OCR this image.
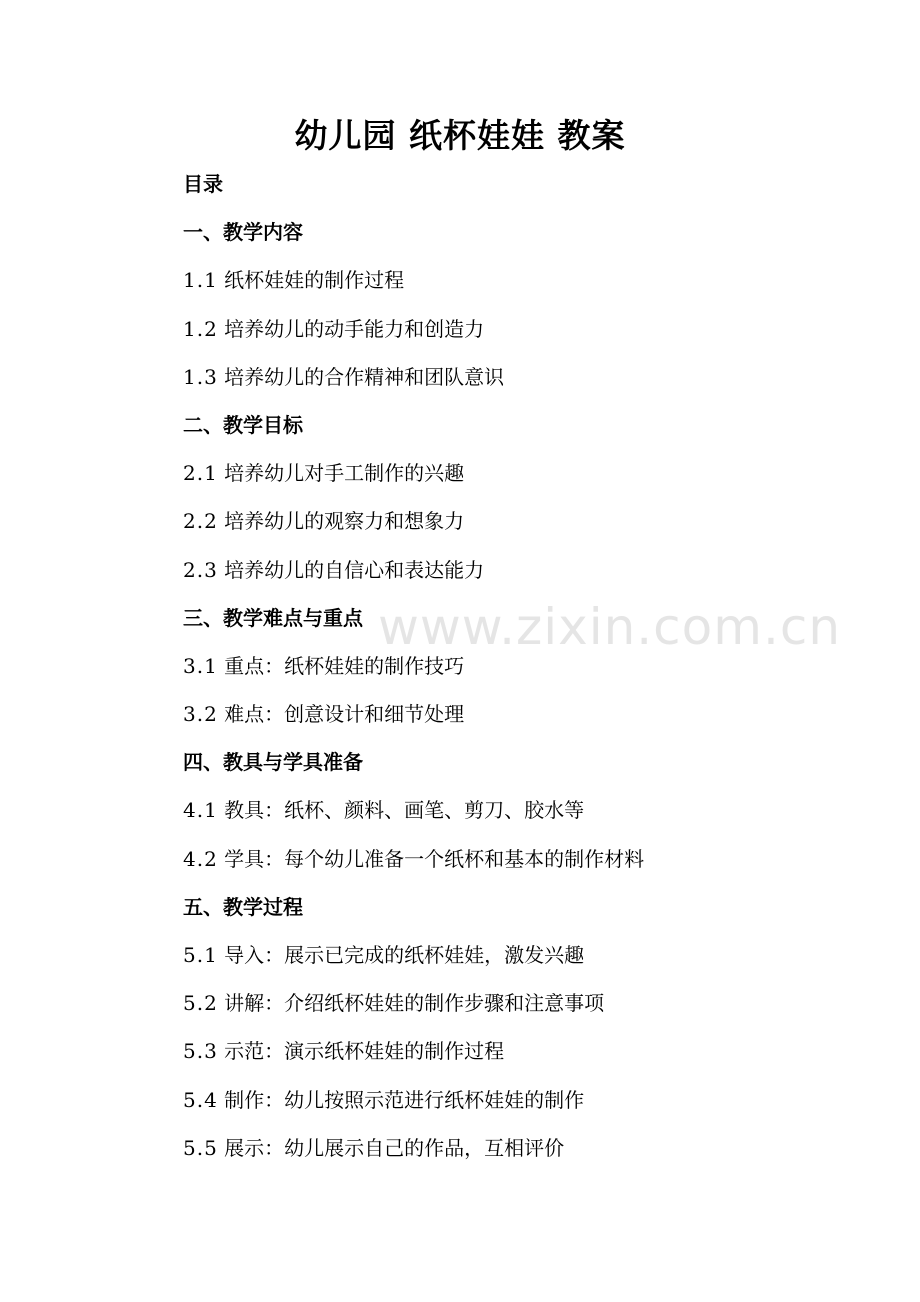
幼儿园 纸杯娃娃 教案
目录
一、教学内容
1.1 纸杯娃娃的制作过程
1.2 培养幼儿的动手能力和创造力
1.3 培养幼儿的合作精神和团队意识
二、教学目标
2.1 培养幼儿对手工制作的兴趣
2.2 培养幼儿的观察力和想象力
2.3 培养幼儿的自信心和表达能力
三、教学难点与重点
3.1 重点：纸杯娃娃的制作技巧
3.2 难点：创意设计和细节处理
四、教具与学具准备
4.1 教具：纸杯、颜料、画笔、剪刀、胶水等
4.2 学具：每个幼儿准备一个纸杯和基本的制作材料
五、教学过程
5.1 导入：展示已完成的纸杯娃娃，激发兴趣
5.2 讲解：介绍纸杯娃娃的制作步骤和注意事项
5.3 示范：演示纸杯娃娃的制作过程
5.4 制作：幼儿按照示范进行纸杯娃娃的制作
5.5 展示：幼儿展示自己的作品，互相评价
www.zixin.com.cn
